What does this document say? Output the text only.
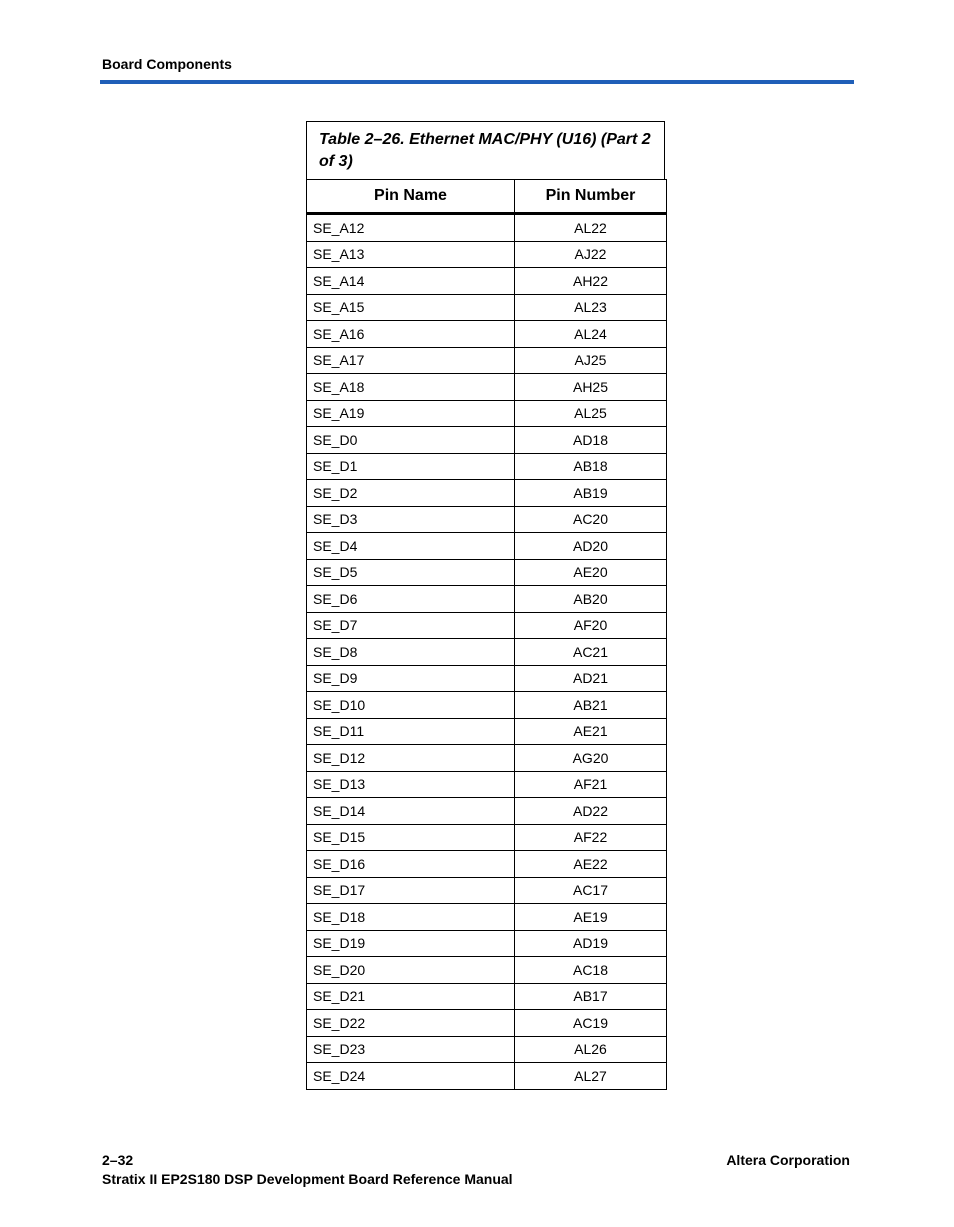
Board Components
Table 2–26. Ethernet MAC/PHY (U16) (Part 2 of 3)
Pin Name	Pin Number
SE_A12	AL22
SE_A13	AJ22
SE_A14	AH22
SE_A15	AL23
SE_A16	AL24
SE_A17	AJ25
SE_A18	AH25
SE_A19	AL25
SE_D0	AD18
SE_D1	AB18
SE_D2	AB19
SE_D3	AC20
SE_D4	AD20
SE_D5	AE20
SE_D6	AB20
SE_D7	AF20
SE_D8	AC21
SE_D9	AD21
SE_D10	AB21
SE_D11	AE21
SE_D12	AG20
SE_D13	AF21
SE_D14	AD22
SE_D15	AF22
SE_D16	AE22
SE_D17	AC17
SE_D18	AE19
SE_D19	AD19
SE_D20	AC18
SE_D21	AB17
SE_D22	AC19
SE_D23	AL26
SE_D24	AL27
2–32
Stratix II EP2S180 DSP Development Board Reference Manual
Altera Corporation
